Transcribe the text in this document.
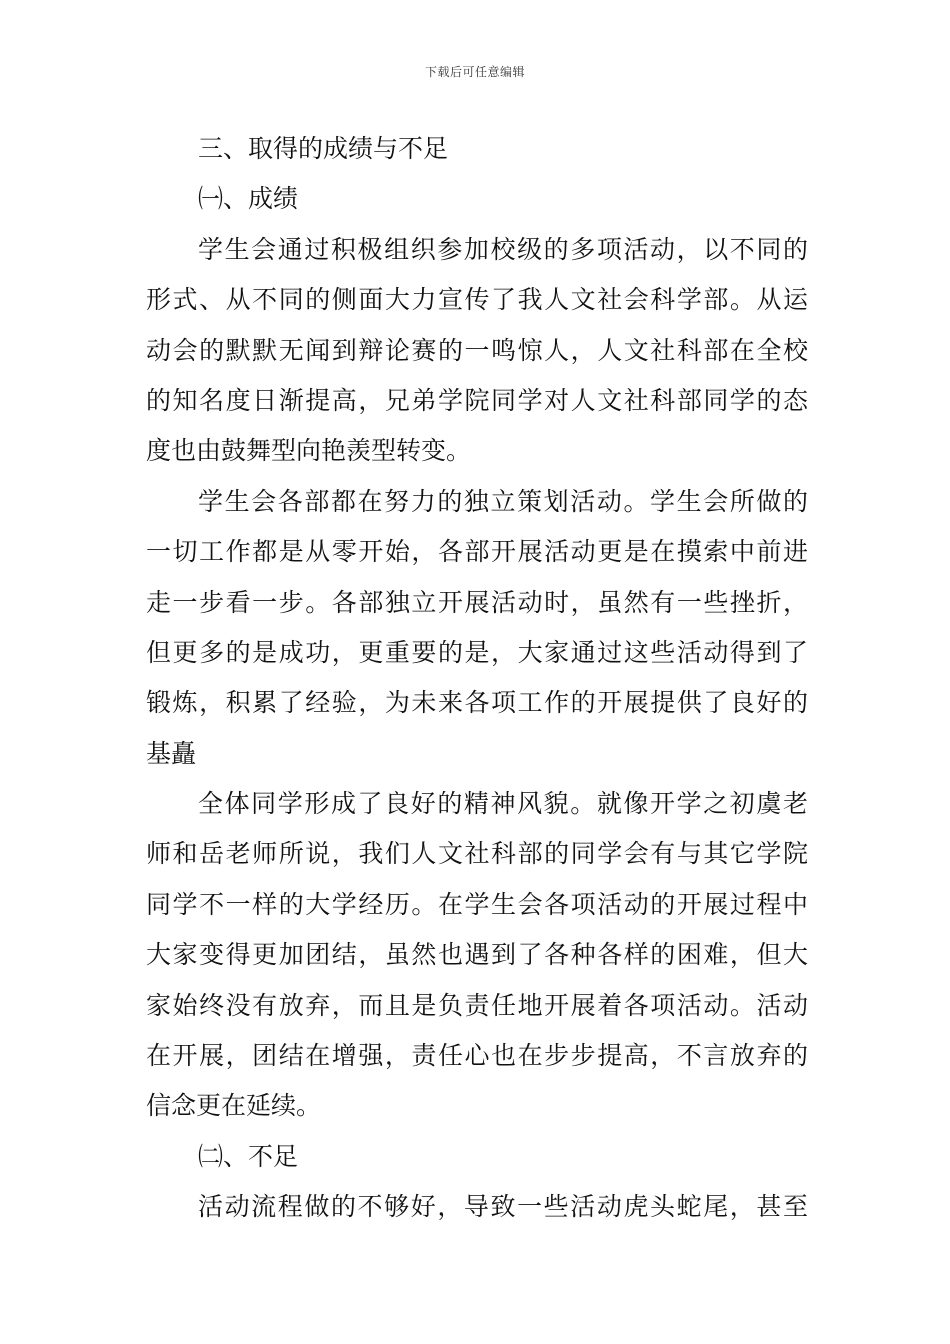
下载后可任意编辑
三、取得的成绩与不足
㈠、成绩
学生会通过积极组织参加校级的多项活动，以不同的
形式、从不同的侧面大力宣传了我人文社会科学部。从运
动会的默默无闻到辩论赛的一鸣惊人，人文社科部在全校
的知名度日渐提高，兄弟学院同学对人文社科部同学的态
度也由鼓舞型向艳羡型转变。
学生会各部都在努力的独立策划活动。学生会所做的
一切工作都是从零开始，各部开展活动更是在摸索中前进
走一步看一步。各部独立开展活动时，虽然有一些挫折，
但更多的是成功，更重要的是，大家通过这些活动得到了
锻炼，积累了经验，为未来各项工作的开展提供了良好的
基矗
全体同学形成了良好的精神风貌。就像开学之初虞老
师和岳老师所说，我们人文社科部的同学会有与其它学院
同学不一样的大学经历。在学生会各项活动的开展过程中
大家变得更加团结，虽然也遇到了各种各样的困难，但大
家始终没有放弃，而且是负责任地开展着各项活动。活动
在开展，团结在增强，责任心也在步步提高，不言放弃的
信念更在延续。
㈡、不足
活动流程做的不够好，导致一些活动虎头蛇尾，甚至
